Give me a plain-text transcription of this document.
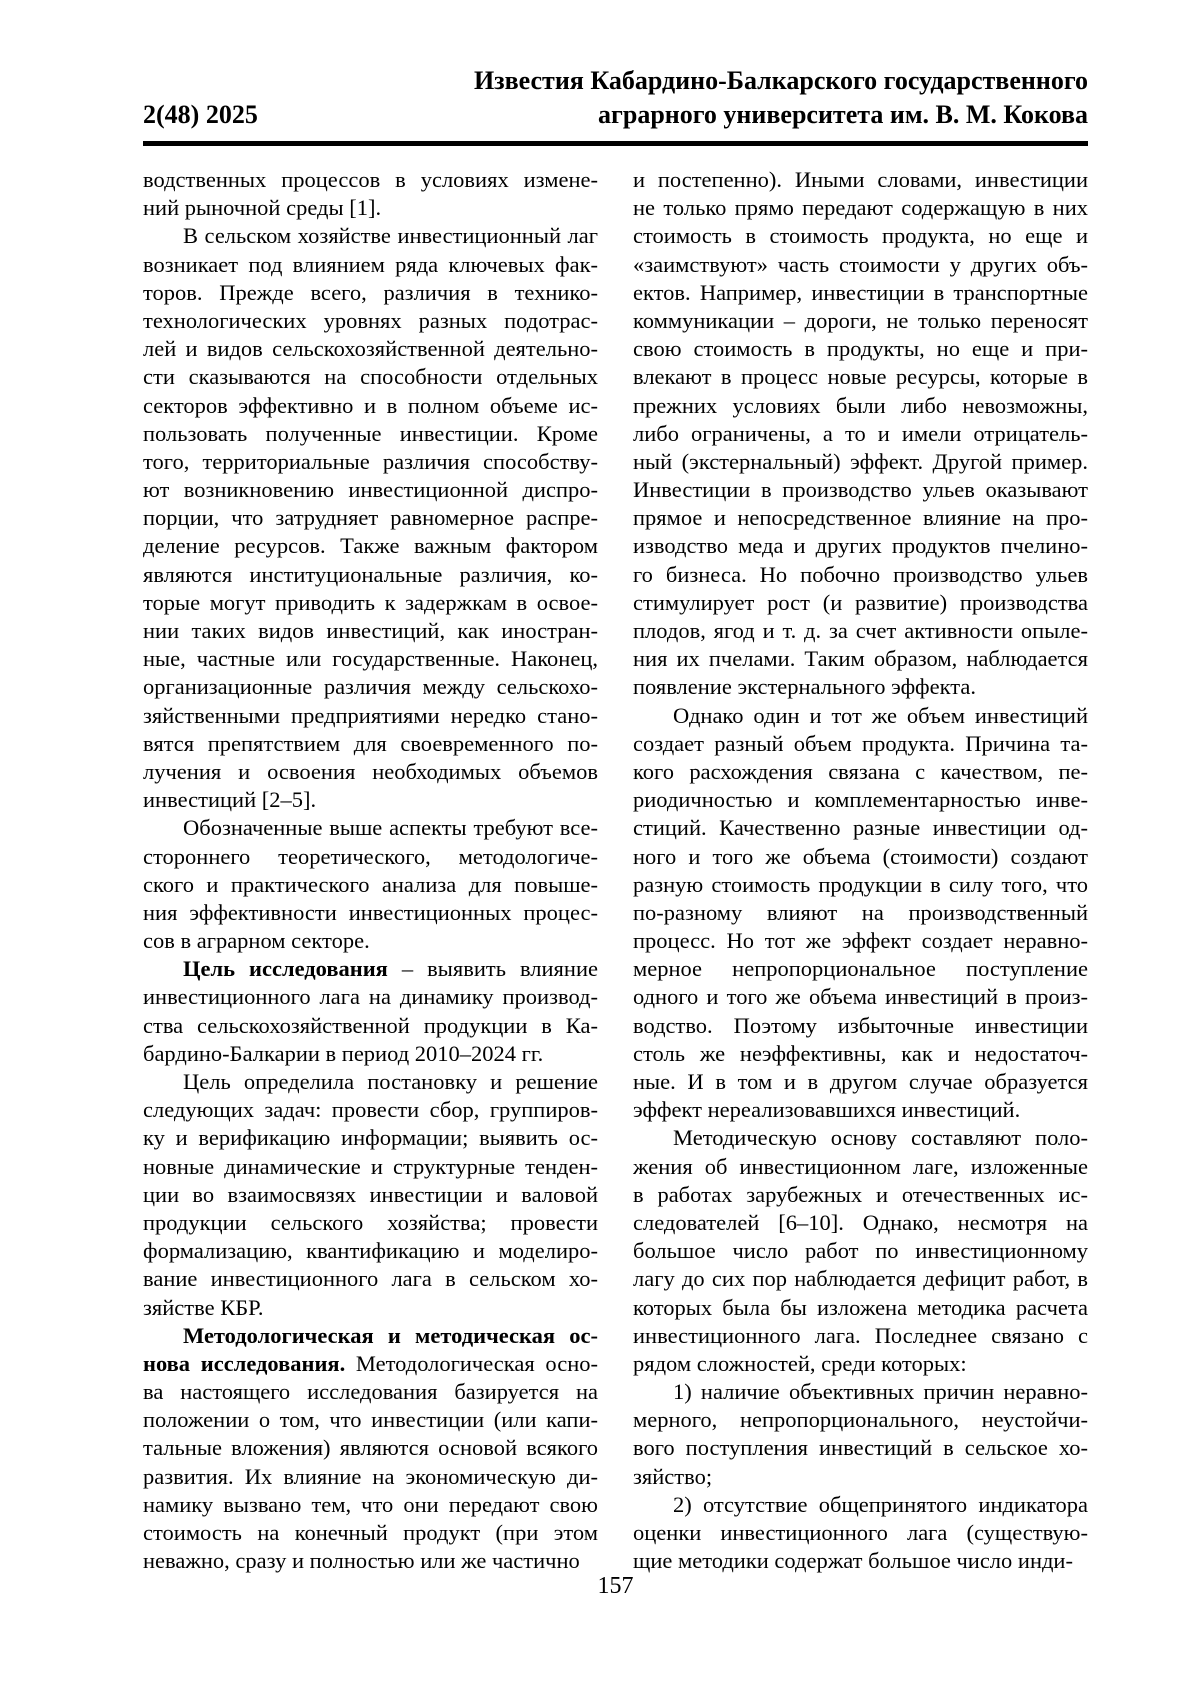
Известия Кабардино-Балкарского государственного
аграрного университета им. В. М. Кокова
2(48) 2025
водственных процессов в условиях измене-
ний рыночной среды [1].
В сельском хозяйстве инвестиционный лаг
возникает под влиянием ряда ключевых фак-
торов. Прежде всего, различия в технико-
технологических уровнях разных подотрас-
лей и видов сельскохозяйственной деятельно-
сти сказываются на способности отдельных
секторов эффективно и в полном объеме ис-
пользовать полученные инвестиции. Кроме
того, территориальные различия способству-
ют возникновению инвестиционной диспро-
порции, что затрудняет равномерное распре-
деление ресурсов. Также важным фактором
являются институциональные различия, ко-
торые могут приводить к задержкам в освое-
нии таких видов инвестиций, как иностран-
ные, частные или государственные. Наконец,
организационные различия между сельскохо-
зяйственными предприятиями нередко стано-
вятся препятствием для своевременного по-
лучения и освоения необходимых объемов
инвестиций [2–5].
Обозначенные выше аспекты требуют все-
стороннего теоретического, методологиче-
ского и практического анализа для повыше-
ния эффективности инвестиционных процес-
сов в аграрном секторе.
Цель исследования – выявить влияние
инвестиционного лага на динамику производ-
ства сельскохозяйственной продукции в Ка-
бардино-Балкарии в период 2010–2024 гг.
Цель определила постановку и решение
следующих задач: провести сбор, группиров-
ку и верификацию информации; выявить ос-
новные динамические и структурные тенден-
ции во взаимосвязях инвестиции и валовой
продукции сельского хозяйства; провести
формализацию, квантификацию и моделиро-
вание инвестиционного лага в сельском хо-
зяйстве КБР.
Методологическая и методическая ос-
нова исследования. Методологическая осно-
ва настоящего исследования базируется на
положении о том, что инвестиции (или капи-
тальные вложения) являются основой всякого
развития. Их влияние на экономическую ди-
намику вызвано тем, что они передают свою
стоимость на конечный продукт (при этом
неважно, сразу и полностью или же частично
и постепенно). Иными словами, инвестиции
не только прямо передают содержащую в них
стоимость в стоимость продукта, но еще и
«заимствуют» часть стоимости у других объ-
ектов. Например, инвестиции в транспортные
коммуникации – дороги, не только переносят
свою стоимость в продукты, но еще и при-
влекают в процесс новые ресурсы, которые в
прежних условиях были либо невозможны,
либо ограничены, а то и имели отрицатель-
ный (экстернальный) эффект. Другой пример.
Инвестиции в производство ульев оказывают
прямое и непосредственное влияние на про-
изводство меда и других продуктов пчелино-
го бизнеса. Но побочно производство ульев
стимулирует рост (и развитие) производства
плодов, ягод и т. д. за счет активности опыле-
ния их пчелами. Таким образом, наблюдается
появление экстернального эффекта.
Однако один и тот же объем инвестиций
создает разный объем продукта. Причина та-
кого расхождения связана с качеством, пе-
риодичностью и комплементарностью инве-
стиций. Качественно разные инвестиции од-
ного и того же объема (стоимости) создают
разную стоимость продукции в силу того, что
по-разному влияют на производственный
процесс. Но тот же эффект создает неравно-
мерное непропорциональное поступление
одного и того же объема инвестиций в произ-
водство. Поэтому избыточные инвестиции
столь же неэффективны, как и недостаточ-
ные. И в том и в другом случае образуется
эффект нереализовавшихся инвестиций.
Методическую основу составляют поло-
жения об инвестиционном лаге, изложенные
в работах зарубежных и отечественных ис-
следователей [6–10]. Однако, несмотря на
большое число работ по инвестиционному
лагу до сих пор наблюдается дефицит работ, в
которых была бы изложена методика расчета
инвестиционного лага. Последнее связано с
рядом сложностей, среди которых:
1) наличие объективных причин неравно-
мерного, непропорционального, неустойчи-
вого поступления инвестиций в сельское хо-
зяйство;
2) отсутствие общепринятого индикатора
оценки инвестиционного лага (существую-
щие методики содержат большое число инди-
157
